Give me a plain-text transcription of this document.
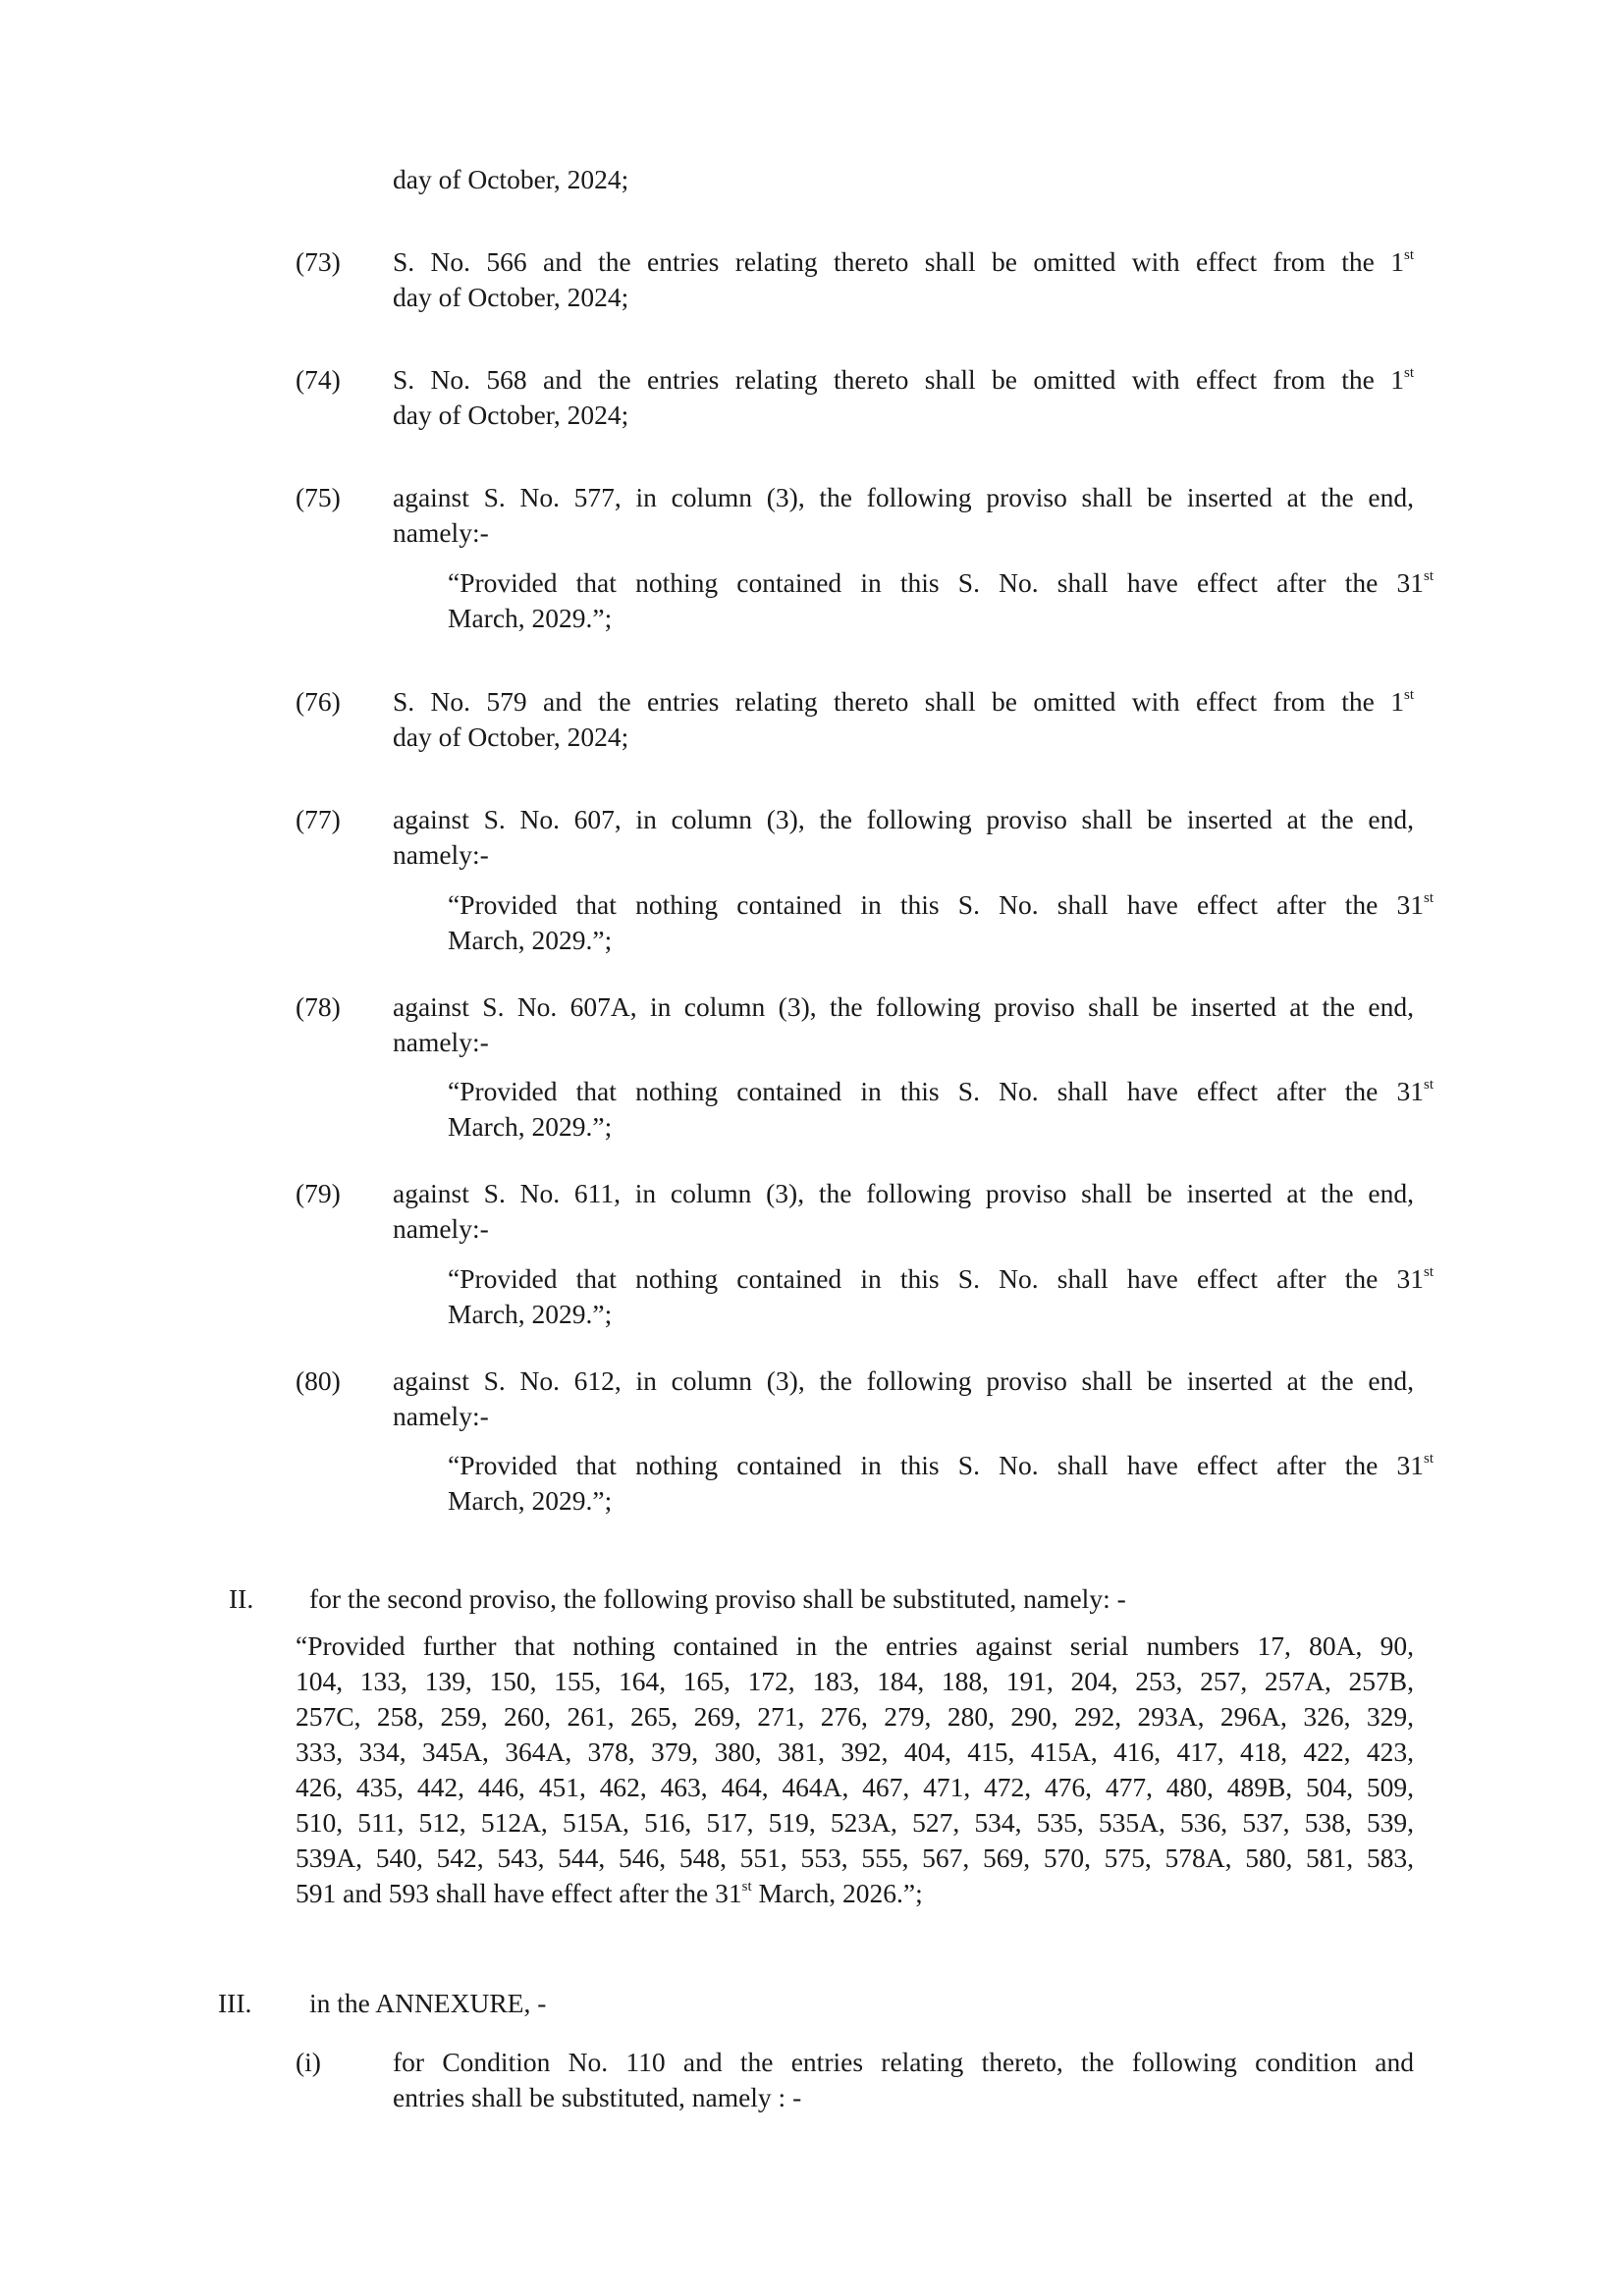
day of October, 2024;
(73)	S. No. 566 and the entries relating thereto shall be omitted with effect from the 1st
day of October, 2024;
(74)	S. No. 568 and the entries relating thereto shall be omitted with effect from the 1st
day of October, 2024;
(75)	against S. No. 577, in column (3), the following proviso shall be inserted at the end,
namely:-
“Provided that nothing contained in this S. No. shall have effect after the 31st
March, 2029.”;
(76)	S. No. 579 and the entries relating thereto shall be omitted with effect from the 1st
day of October, 2024;
(77)	against S. No. 607, in column (3), the following proviso shall be inserted at the end,
namely:-
“Provided that nothing contained in this S. No. shall have effect after the 31st
March, 2029.”;
(78)	against S. No. 607A, in column (3), the following proviso shall be inserted at the end,
namely:-
“Provided that nothing contained in this S. No. shall have effect after the 31st
March, 2029.”;
(79)	against S. No. 611, in column (3), the following proviso shall be inserted at the end,
namely:-
“Provided that nothing contained in this S. No. shall have effect after the 31st
March, 2029.”;
(80)	against S. No. 612, in column (3), the following proviso shall be inserted at the end,
namely:-
“Provided that nothing contained in this S. No. shall have effect after the 31st
March, 2029.”;
II.	for the second proviso, the following proviso shall be substituted, namely: -
“Provided further that nothing contained in the entries against serial numbers 17, 80A, 90,
104, 133, 139, 150, 155, 164, 165, 172, 183, 184, 188, 191, 204, 253, 257, 257A, 257B,
257C, 258, 259, 260, 261, 265, 269, 271, 276, 279, 280, 290, 292, 293A, 296A, 326, 329,
333, 334, 345A, 364A, 378, 379, 380, 381, 392, 404, 415, 415A, 416, 417, 418, 422, 423,
426, 435, 442, 446, 451, 462, 463, 464, 464A, 467, 471, 472, 476, 477, 480, 489B, 504, 509,
510, 511, 512, 512A, 515A, 516, 517, 519, 523A, 527, 534, 535, 535A, 536, 537, 538, 539,
539A, 540, 542, 543, 544, 546, 548, 551, 553, 555, 567, 569, 570, 575, 578A, 580, 581, 583,
591 and 593 shall have effect after the 31st March, 2026.”;
III.	in the ANNEXURE, -
(i)	for Condition No. 110 and the entries relating thereto, the following condition and
entries shall be substituted, namely : -
